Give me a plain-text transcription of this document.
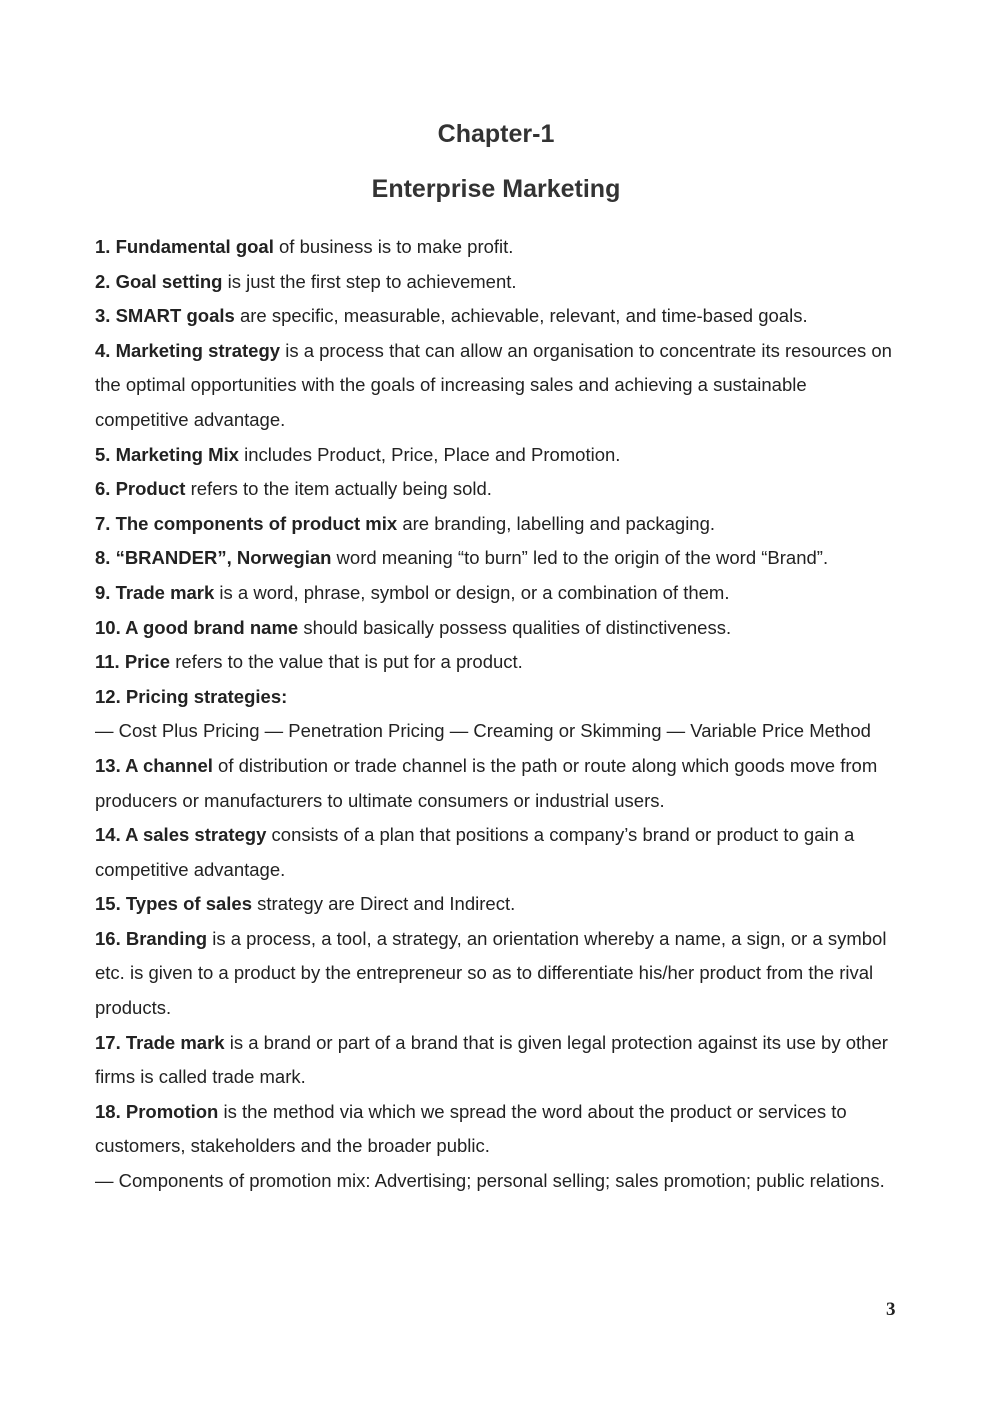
Chapter-1
Enterprise Marketing

1. Fundamental goal of business is to make profit.

2. Goal setting is just the first step to achievement.

3. SMART goals are specific, measurable, achievable, relevant, and time-based goals.

4. Marketing strategy is a process that can allow an organisation to concentrate its resources on the optimal opportunities with the goals of increasing sales and achieving a sustainable competitive advantage.

5. Marketing Mix includes Product, Price, Place and Promotion.

6. Product refers to the item actually being sold.

7. The components of product mix are branding, labelling and packaging.

8. “BRANDER”, Norwegian word meaning “to burn” led to the origin of the word “Brand”.

9. Trade mark is a word, phrase, symbol or design, or a combination of them.

10. A good brand name should basically possess qualities of distinctiveness.

11. Price refers to the value that is put for a product.

12. Pricing strategies:

— Cost Plus Pricing — Penetration Pricing — Creaming or Skimming — Variable Price Method

13. A channel of distribution or trade channel is the path or route along which goods move from producers or manufacturers to ultimate consumers or industrial users.

14. A sales strategy consists of a plan that positions a company’s brand or product to gain a competitive advantage.

15. Types of sales strategy are Direct and Indirect.

16. Branding is a process, a tool, a strategy, an orientation whereby a name, a sign, or a symbol etc. is given to a product by the entrepreneur so as to differentiate his/her product from the rival products.

17. Trade mark is a brand or part of a brand that is given legal protection against its use by other firms is called trade mark.

18. Promotion is the method via which we spread the word about the product or services to customers, stakeholders and the broader public.

— Components of promotion mix: Advertising; personal selling; sales promotion; public relations.

3
